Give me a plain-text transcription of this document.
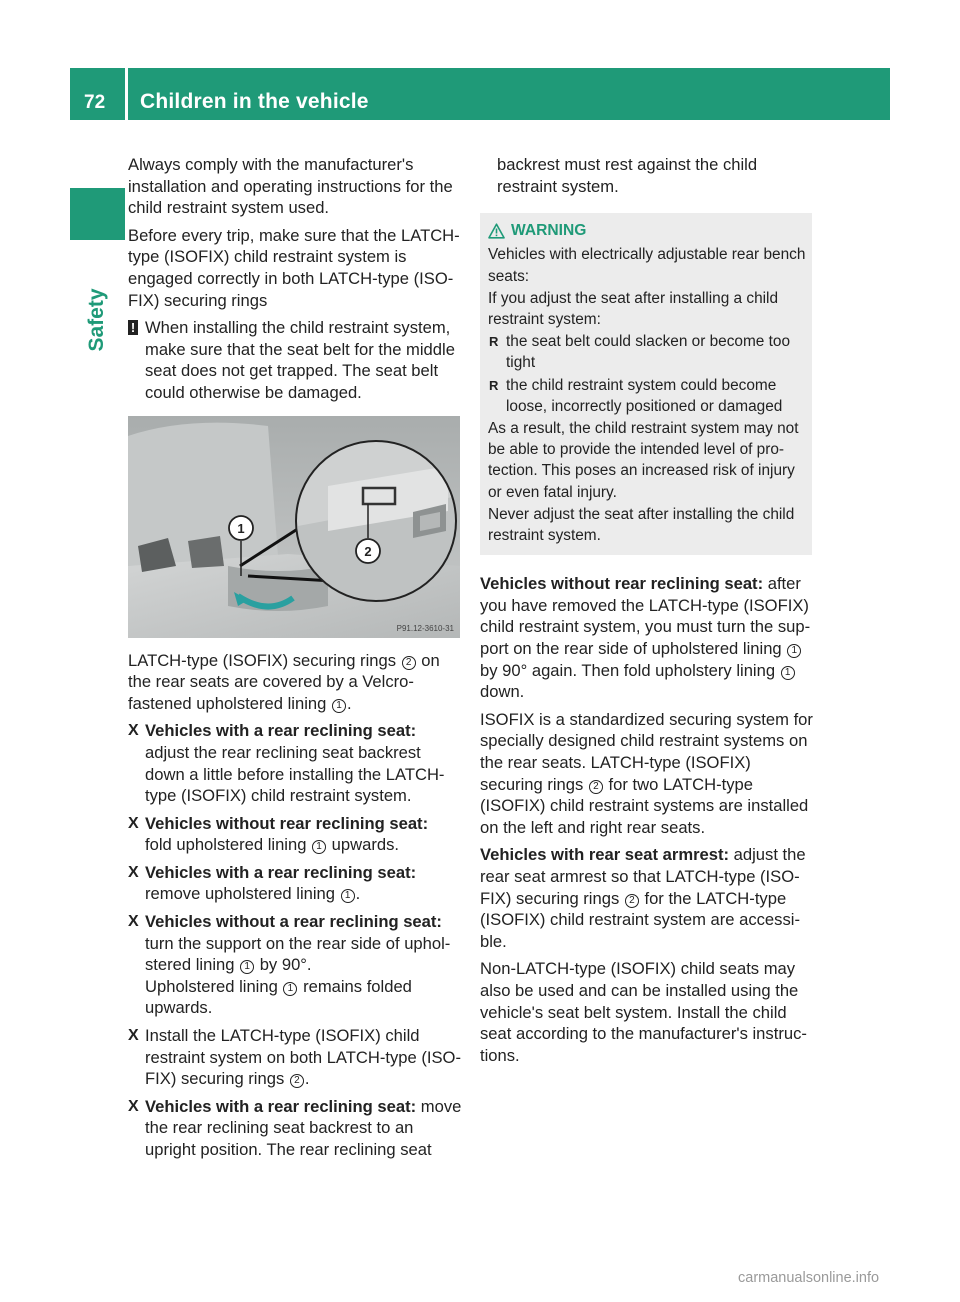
72	Children in the vehicle
Safety

Always comply with the manufacturer's installation and operating instructions for the child restraint system used.

Before every trip, make sure that the LATCH-type (ISOFIX) child restraint system is engaged correctly in both LATCH-type (ISO-FIX) securing rings

! When installing the child restraint system, make sure that the seat belt for the middle seat does not get trapped. The seat belt could otherwise be damaged.
1
2
P91.12-3610-31

LATCH-type (ISOFIX) securing rings 2 on the rear seats are covered by a Velcro-fastened upholstered lining 1 .

X Vehicles with a rear reclining seat:
adjust the rear reclining seat backrest down a little before installing the LATCH-type (ISOFIX) child restraint system.
X Vehicles without rear reclining seat:
fold upholstered lining 1 upwards.
X Vehicles with a rear reclining seat:
remove upholstered lining 1 .
X Vehicles without a rear reclining seat:
turn the support on the rear side of uphol-stered lining 1 by 90°.
Upholstered lining 1 remains folded upwards.
X Install the LATCH-type (ISOFIX) child restraint system on both LATCH-type (ISO-FIX) securing rings 2 .
X Vehicles with a rear reclining seat: move the rear reclining seat backrest to an upright position. The rear reclining seat

backrest must rest against the child restraint system.

WARNING

Vehicles with electrically adjustable rear bench seats:

If you adjust the seat after installing a child restraint system:

R the seat belt could slacken or become too tight

R the child restraint system could become loose, incorrectly positioned or damaged

As a result, the child restraint system may not be able to provide the intended level of pro-tection. This poses an increased risk of injury or even fatal injury.

Never adjust the seat after installing the child restraint system.

Vehicles without rear reclining seat: after you have removed the LATCH-type (ISOFIX) child restraint system, you must turn the sup-port on the rear side of upholstered lining 1 by 90° again. Then fold upholstery lining 1 down.

ISOFIX is a standardized securing system for specially designed child restraint systems on the rear seats. LATCH-type (ISOFIX) securing rings 2 for two LATCH-type (ISOFIX) child restraint systems are installed on the left and right rear seats.

Vehicles with rear seat armrest: adjust the rear seat armrest so that LATCH-type (ISO-FIX) securing rings 2 for the LATCH-type (ISOFIX) child restraint system are accessi-ble.

Non-LATCH-type (ISOFIX) child seats may also be used and can be installed using the vehicle's seat belt system. Install the child seat according to the manufacturer's instruc-tions.

carmanualsonline.info
